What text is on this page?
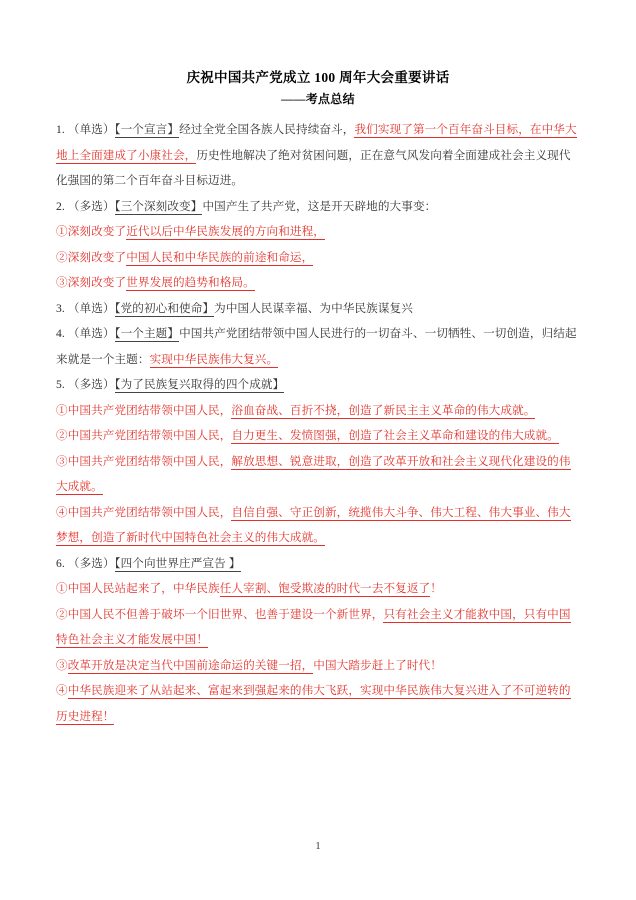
庆祝中国共产党成立 100 周年大会重要讲话
——考点总结
1. （单选）【一个宣言】经过全党全国各族人民持续奋斗，我们实现了第一个百年奋斗目标，在中华大地上全面建成了小康社会，历史性地解决了绝对贫困问题，正在意气风发向着全面建成社会主义现代化强国的第二个百年奋斗目标迈进。
2. （多选）【三个深刻改变】中国产生了共产党，这是开天辟地的大事变：
①深刻改变了近代以后中华民族发展的方向和进程，
②深刻改变了中国人民和中华民族的前途和命运，
③深刻改变了世界发展的趋势和格局。
3. （单选）【党的初心和使命】为中国人民谋幸福、为中华民族谋复兴
4. （单选）【一个主题】中国共产党团结带领中国人民进行的一切奋斗、一切牺牲、一切创造，归结起来就是一个主题：实现中华民族伟大复兴。
5. （多选）【为了民族复兴取得的四个成就】
①中国共产党团结带领中国人民，浴血奋战、百折不挠，创造了新民主主义革命的伟大成就。
②中国共产党团结带领中国人民，自力更生、发愤图强，创造了社会主义革命和建设的伟大成就。
③中国共产党团结带领中国人民，解放思想、锐意进取，创造了改革开放和社会主义现代化建设的伟大成就。
④中国共产党团结带领中国人民，自信自强、守正创新，统揽伟大斗争、伟大工程、伟大事业、伟大梦想，创造了新时代中国特色社会主义的伟大成就。
6. （多选）【四个向世界庄严宣告 】
①中国人民站起来了，中华民族任人宰割、饱受欺凌的时代一去不复返了！
②中国人民不但善于破坏一个旧世界、也善于建设一个新世界，只有社会主义才能救中国，只有中国特色社会主义才能发展中国！
③改革开放是决定当代中国前途命运的关键一招，中国大踏步赶上了时代！
④中华民族迎来了从站起来、富起来到强起来的伟大飞跃，实现中华民族伟大复兴进入了不可逆转的历史进程！
1
